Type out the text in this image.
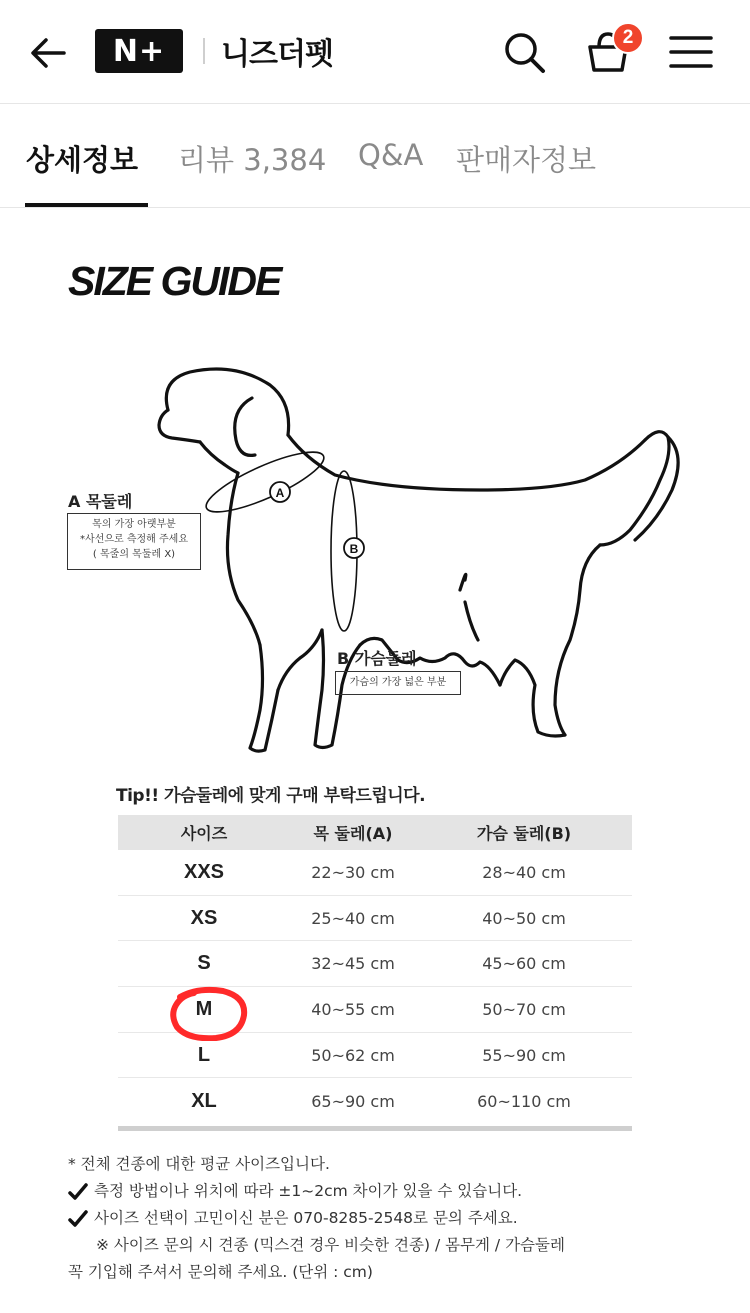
N+	니즈더펫	2
상세정보 리뷰 3,384 Q&A 판매자정보
SIZE GUIDE
A
B
A 목둘레
목의 가장 아랫부분
*사선으로 측정해 주세요
( 목줄의 목둘레 X)
B 가슴둘레
가슴의 가장 넓은 부분
Tip!! 가슴둘레에 맞게 구매 부탁드립니다.
사이즈	목 둘레(A)	가슴 둘레(B)
XXS	22~30 cm	28~40 cm
XS	25~40 cm	40~50 cm
S	32~45 cm	45~60 cm
M	40~55 cm	50~70 cm
L	50~62 cm	55~90 cm
XL	65~90 cm	60~110 cm
* 전체 견종에 대한 평균 사이즈입니다.
측정 방법이나 위치에 따라 ±1~2cm 차이가 있을 수 있습니다.
사이즈 선택이 고민이신 분은 070-8285-2548로 문의 주세요.
※ 사이즈 문의 시 견종 (믹스견 경우 비슷한 견종) / 몸무게 / 가슴둘레
꼭 기입해 주셔서 문의해 주세요. (단위 : cm)
